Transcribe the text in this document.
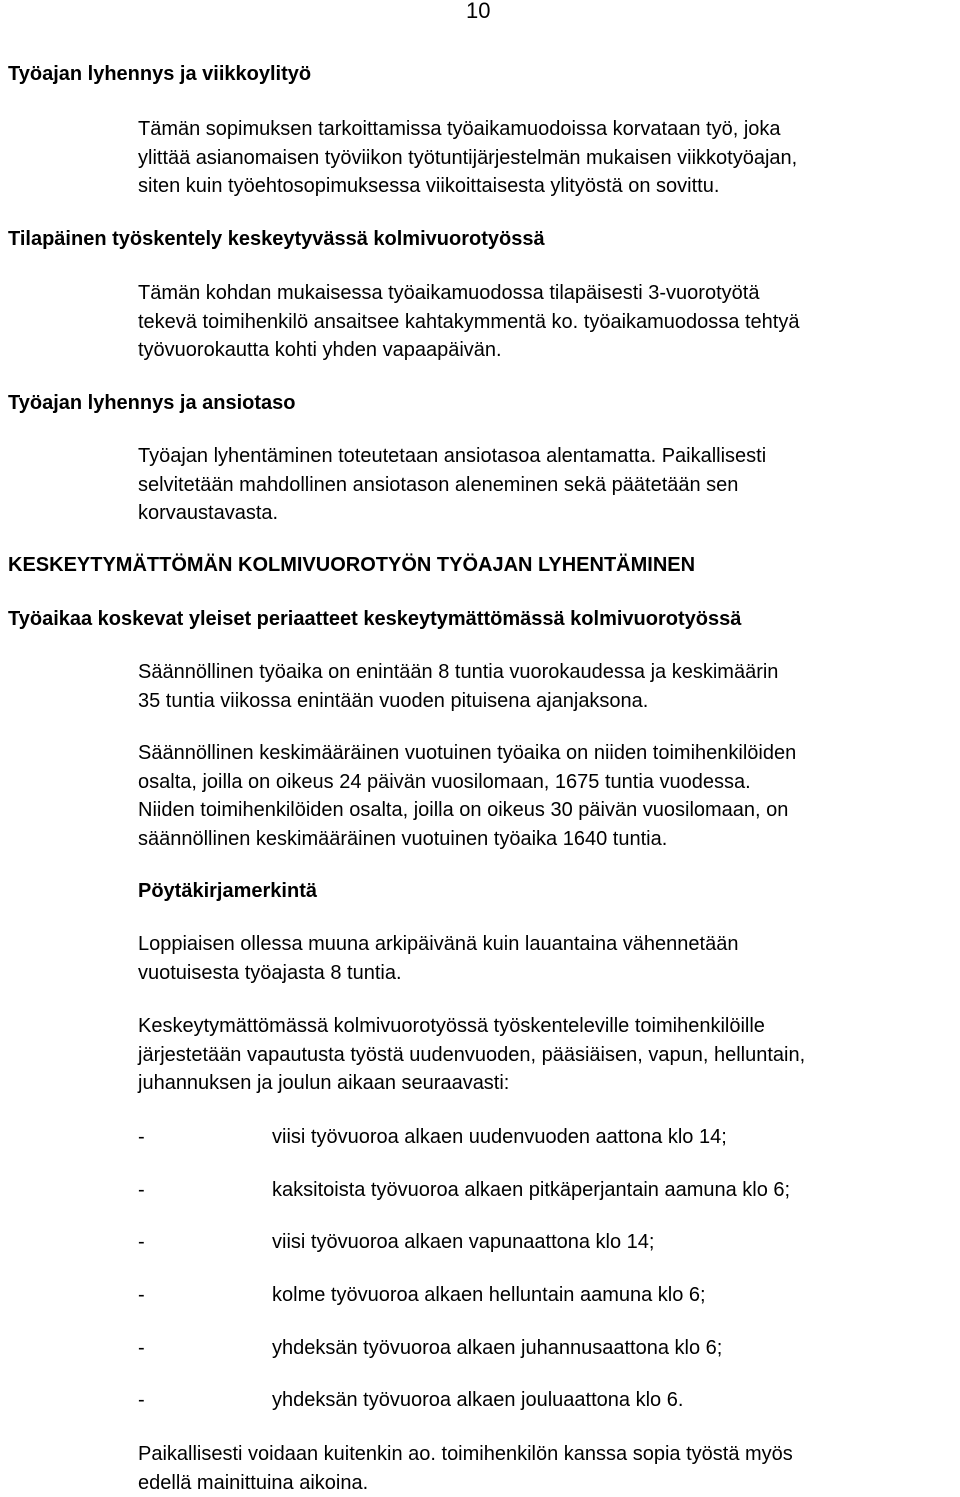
10
Työajan lyhennys ja viikkoylityö
Tämän sopimuksen tarkoittamissa työaikamuodoissa korvataan työ, joka
ylittää asianomaisen työviikon työtuntijärjestelmän mukaisen viikkotyöajan,
siten kuin työehtosopimuksessa viikoittaisesta ylityöstä on sovittu.
Tilapäinen työskentely keskeytyvässä kolmivuorotyössä
Tämän kohdan mukaisessa työaikamuodossa tilapäisesti 3-vuorotyötä
tekevä toimihenkilö ansaitsee kahtakymmentä ko. työaikamuodossa tehtyä
työvuorokautta kohti yhden vapaapäivän.
Työajan lyhennys ja ansiotaso
Työajan lyhentäminen toteutetaan ansiotasoa alentamatta. Paikallisesti
selvitetään mahdollinen ansiotason aleneminen sekä päätetään sen
korvaustavasta.
KESKEYTYMÄTTÖMÄN KOLMIVUOROTYÖN TYÖAJAN LYHENTÄMINEN
Työaikaa koskevat yleiset periaatteet keskeytymättömässä kolmivuorotyössä
Säännöllinen työaika on enintään 8 tuntia vuorokaudessa ja keskimäärin
35 tuntia viikossa enintään vuoden pituisena ajanjaksona.
Säännöllinen keskimääräinen vuotuinen työaika on niiden toimihenkilöiden
osalta, joilla on oikeus 24 päivän vuosilomaan, 1675 tuntia vuodessa.
Niiden toimihenkilöiden osalta, joilla on oikeus 30 päivän vuosilomaan, on
säännöllinen keskimääräinen vuotuinen työaika 1640 tuntia.
Pöytäkirjamerkintä
Loppiaisen ollessa muuna arkipäivänä kuin lauantaina vähennetään
vuotuisesta työajasta 8 tuntia.
Keskeytymättömässä kolmivuorotyössä työskenteleville toimihenkilöille
järjestetään vapautusta työstä uudenvuoden, pääsiäisen, vapun, helluntain,
juhannuksen ja joulun aikaan seuraavasti:
-	viisi työvuoroa alkaen uudenvuoden aattona klo 14;
-	kaksitoista työvuoroa alkaen pitkäperjantain aamuna klo 6;
-	viisi työvuoroa alkaen vapunaattona klo 14;
-	kolme työvuoroa alkaen helluntain aamuna klo 6;
-	yhdeksän työvuoroa alkaen juhannusaattona klo 6;
-	yhdeksän työvuoroa alkaen jouluaattona klo 6.
Paikallisesti voidaan kuitenkin ao. toimihenkilön kanssa sopia työstä myös
edellä mainittuina aikoina.
